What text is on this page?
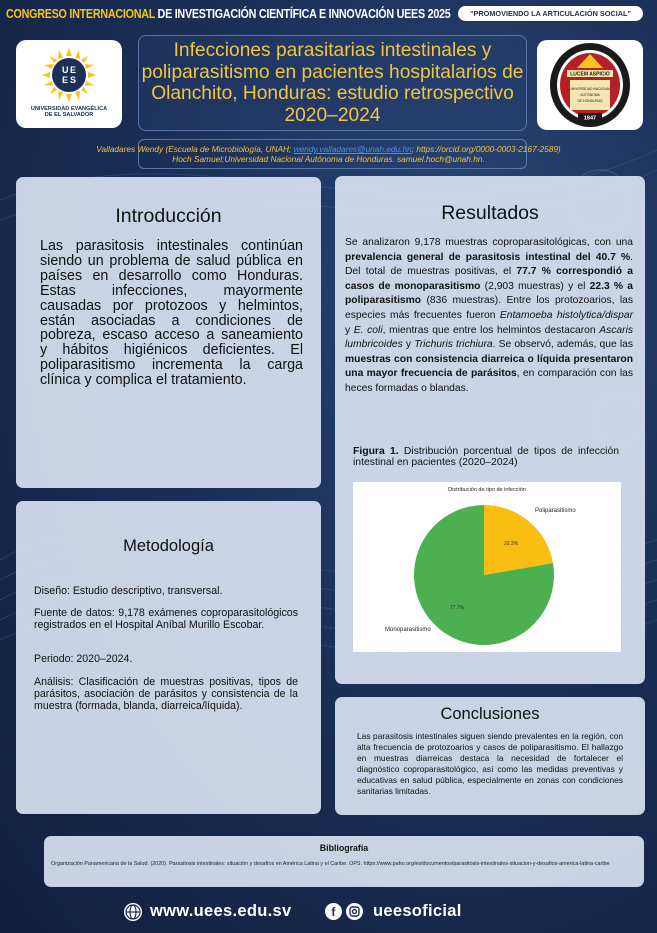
CONGRESO INTERNACIONAL DE INVESTIGACIÓN CIENTÍFICA E INNOVACIÓN UEES 2025	"PROMOVIENDO LA ARTICULACIÓN SOCIAL"
U E
E S
UNIVERSIDAD EVANGÉLICA
DE EL SALVADOR
Infecciones parasitarias intestinales y poliparasitismo en pacientes hospitalarios de Olanchito, Honduras: estudio retrospectivo 2020–2024
LUCEM ASPICIO
UNIVERSIDAD NACIONAL
AUTÓNOMA
DE HONDURAS
1847
Valladares Wendy (Escuela de Microbiología, UNAH; wendy.valladares@unah.edu.hn; https://orcid.org/0000-0003-2167-2589)
Hoch Samuel;Universidad Nacional Autónoma de Honduras. samuel.hoch@unah.hn.
Introducción
Las parasitosis intestinales continúan siendo un problema de salud pública en países en desarrollo como Honduras. Estas infecciones, mayormente causadas por protozoos y helmintos, están asociadas a condiciones de pobreza, escaso acceso a saneamiento y hábitos higiénicos deficientes. El poliparasitismo incrementa la carga clínica y complica el tratamiento.
Metodología
Diseño: Estudio descriptivo, transversal.
Fuente de datos: 9,178 exámenes coproparasitológicos registrados en el Hospital Aníbal Murillo Escobar.
Periodo: 2020–2024.
Análisis: Clasificación de muestras positivas, tipos de parásitos, asociación de parásitos y consistencia de la muestra (formada, blanda, diarreica/líquida).
Resultados
Se analizaron 9,178 muestras coproparasitológicas, con una prevalencia general de parasitosis intestinal del 40.7 %. Del total de muestras positivas, el 77.7 % correspondió a casos de monoparasitismo (2,903 muestras) y el 22.3 % a poliparasitismo (836 muestras). Entre los protozoarios, las especies más frecuentes fueron Entamoeba histolytica/dispar y E. coli, mientras que entre los helmintos destacaron Ascaris lumbricoides y Trichuris trichiura. Se observó, además, que las muestras con consistencia diarreica o líquida presentaron una mayor frecuencia de parásitos, en comparación con las heces formadas o blandas.
Figura 1. Distribución porcentual de tipos de infección intestinal en pacientes (2020–2024)
Distribución de tipo de infección
22.3%
Poliparasitismo
77.7%
Monoparasitismo
Conclusiones
Las parasitosis intestinales siguen siendo prevalentes en la región, con alta frecuencia de protozoarios y casos de poliparasitismo. El hallazgo en muestras diarreicas destaca la necesidad de fortalecer el diagnóstico coproparasitológico, así como las medidas preventivas y educativas en salud pública, especialmente en zonas con condiciones sanitarias limitadas.
Bibliografía
Organización Panamericana de la Salud. (2020). Parasitosis intestinales: situación y desafíos en América Latina y el Caribe. OPS. https://www.paho.org/es/documentos/parasitosis-intestinales-situacion-y-desafios-america-latina-caribe
www.uees.edu.sv	f	ueesoficial
